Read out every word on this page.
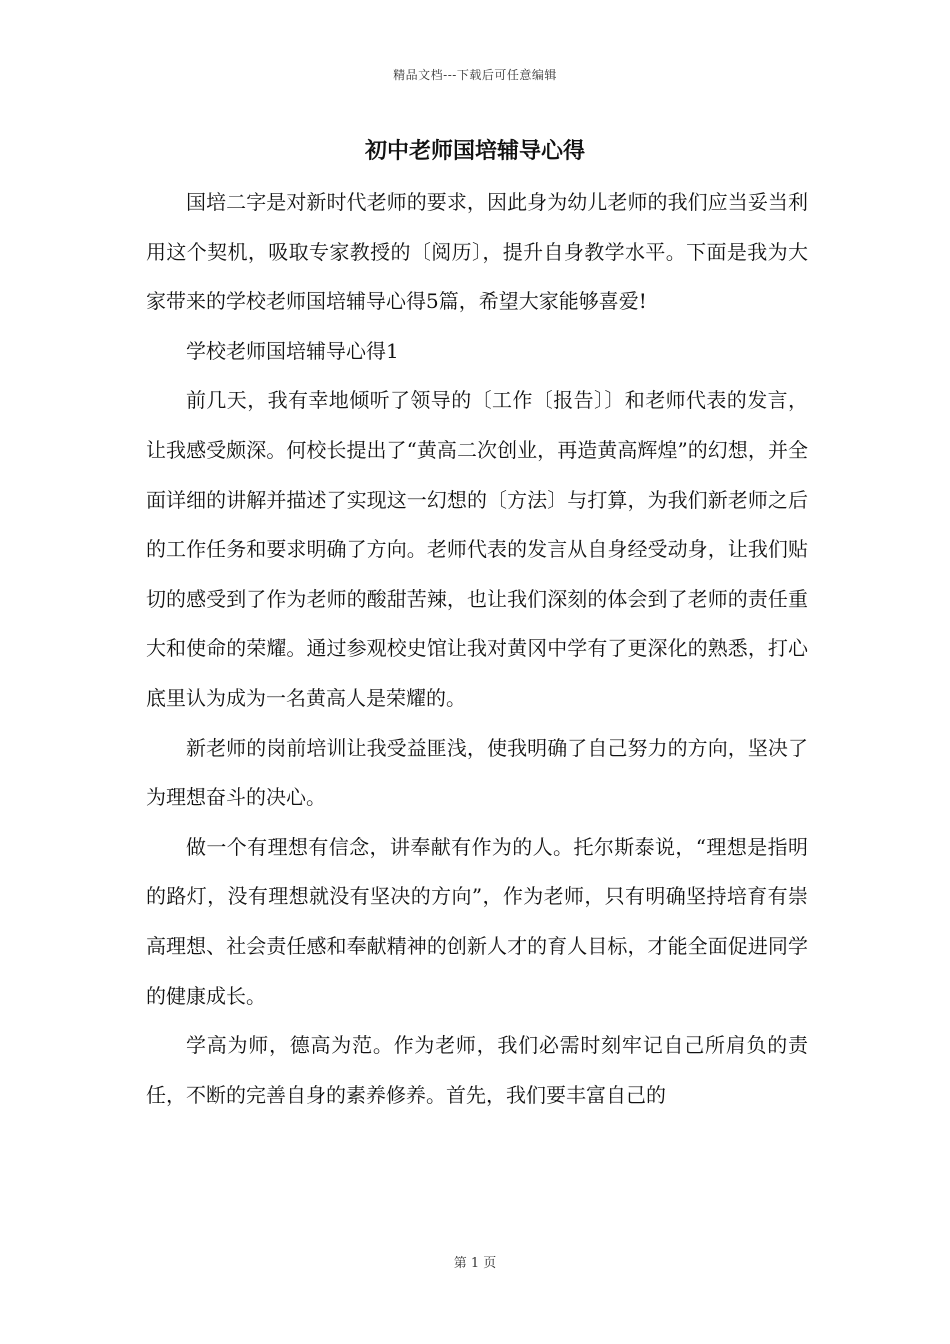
精品文档---下载后可任意编辑
初中老师国培辅导心得

国培二字是对新时代老师的要求，因此身为幼儿老师的我们应当妥当利用这个契机，吸取专家教授的〔阅历〕，提升自身教学水平。下面是我为大家带来的学校老师国培辅导心得5篇，希望大家能够喜爱!

学校老师国培辅导心得1

前几天，我有幸地倾听了领导的〔工作〔报告〕〕和老师代表的发言，让我感受颇深。何校长提出了“黄高二次创业，再造黄高辉煌”的幻想，并全面详细的讲解并描述了实现这一幻想的〔方法〕与打算，为我们新老师之后的工作任务和要求明确了方向。老师代表的发言从自身经受动身，让我们贴切的感受到了作为老师的酸甜苦辣，也让我们深刻的体会到了老师的责任重大和使命的荣耀。通过参观校史馆让我对黄冈中学有了更深化的熟悉，打心底里认为成为一名黄高人是荣耀的。

新老师的岗前培训让我受益匪浅，使我明确了自己努力的方向，坚决了为理想奋斗的决心。

做一个有理想有信念，讲奉献有作为的人。托尔斯泰说，“理想是指明的路灯，没有理想就没有坚决的方向”，作为老师，只有明确坚持培育有崇高理想、社会责任感和奉献精神的创新人才的育人目标，才能全面促进同学的健康成长。

学高为师，德高为范。作为老师，我们必需时刻牢记自己所肩负的责任，不断的完善自身的素养修养。首先，我们要丰富自己的

第 1 页
